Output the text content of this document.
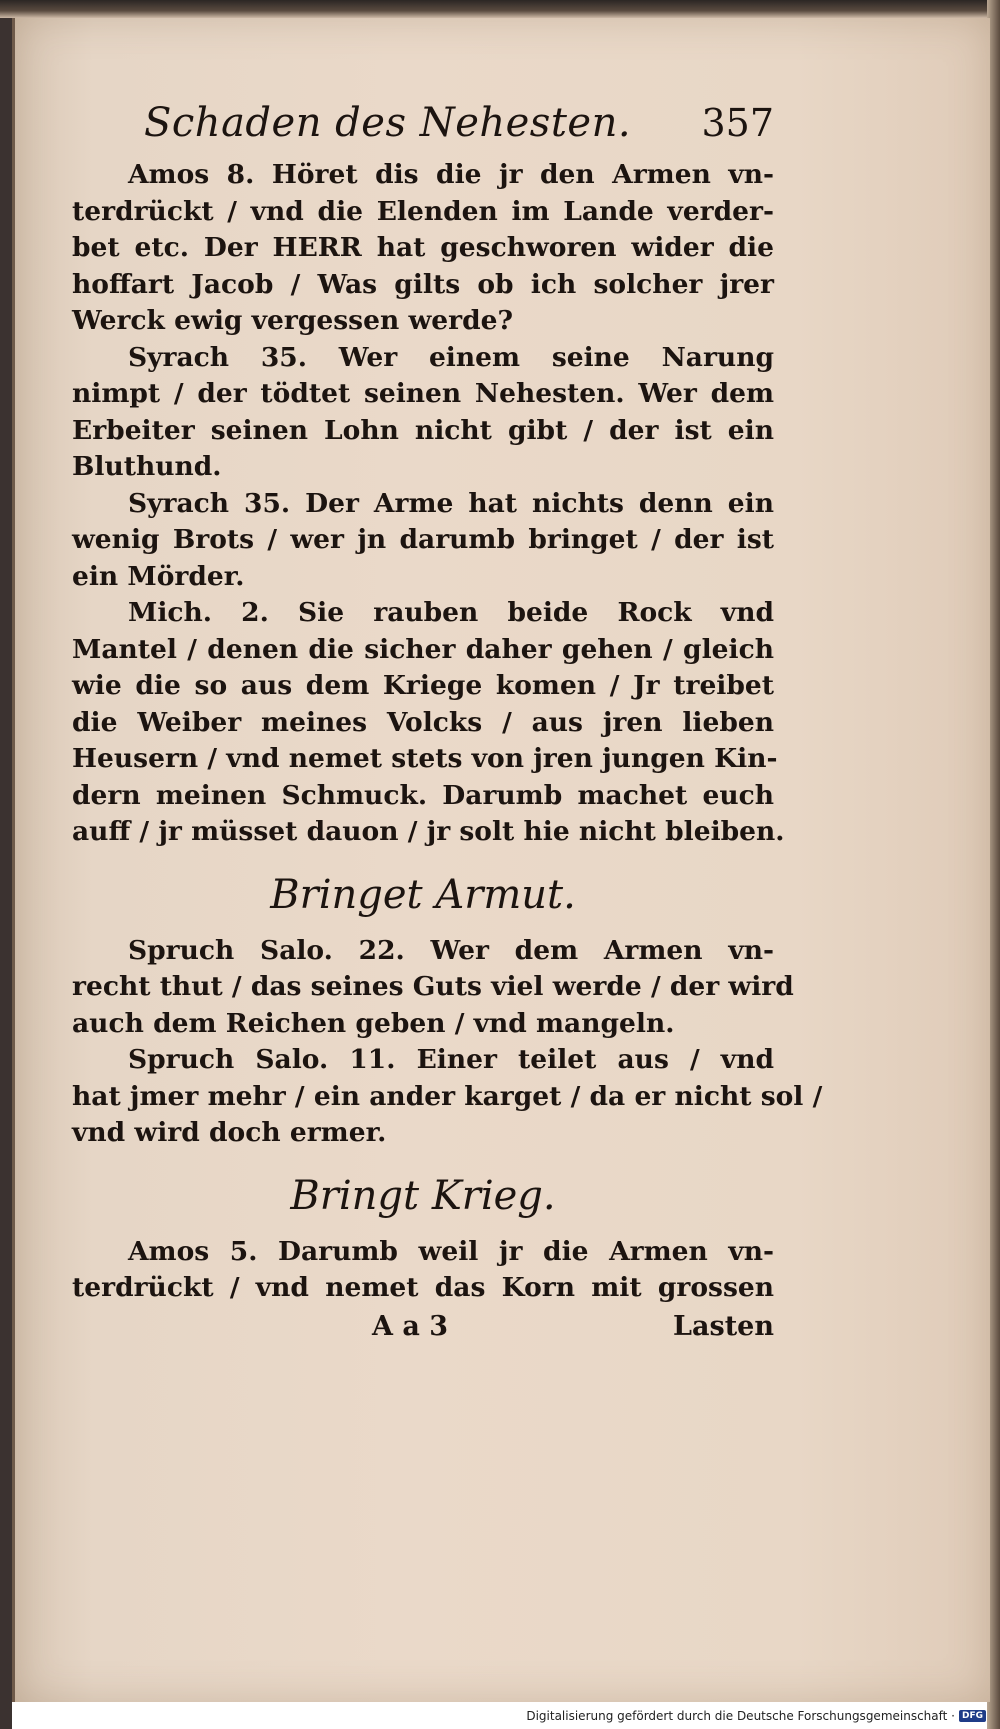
Schaden des Nehesten. 357
Amos 8. Höret dis die jr den Armen vn-
terdrückt / vnd die Elenden im Lande verder-
bet etc. Der HERR hat geschworen wider die
hoffart Jacob / Was gilts ob ich solcher jrer
Werck ewig vergessen werde?
Syrach 35. Wer einem seine Narung
nimpt / der tödtet seinen Nehesten. Wer dem
Erbeiter seinen Lohn nicht gibt / der ist ein
Bluthund.
Syrach 35. Der Arme hat nichts denn ein
wenig Brots / wer jn darumb bringet / der ist
ein Mörder.
Mich. 2. Sie rauben beide Rock vnd
Mantel / denen die sicher daher gehen / gleich
wie die so aus dem Kriege komen / Jr treibet
die Weiber meines Volcks / aus jren lieben
Heusern / vnd nemet stets von jren jungen Kin-
dern meinen Schmuck. Darumb machet euch
auff / jr müsset dauon / jr solt hie nicht bleiben.
Bringet Armut.
Spruch Salo. 22. Wer dem Armen vn-
recht thut / das seines Guts viel werde / der wird
auch dem Reichen geben / vnd mangeln.
Spruch Salo. 11. Einer teilet aus / vnd
hat jmer mehr / ein ander karget / da er nicht sol /
vnd wird doch ermer.
Bringt Krieg.
Amos 5. Darumb weil jr die Armen vn-
terdrückt / vnd nemet das Korn mit grossen
A a 3	Lasten
Digitalisierung gefördert durch die Deutsche Forschungsgemeinschaft · DFG
